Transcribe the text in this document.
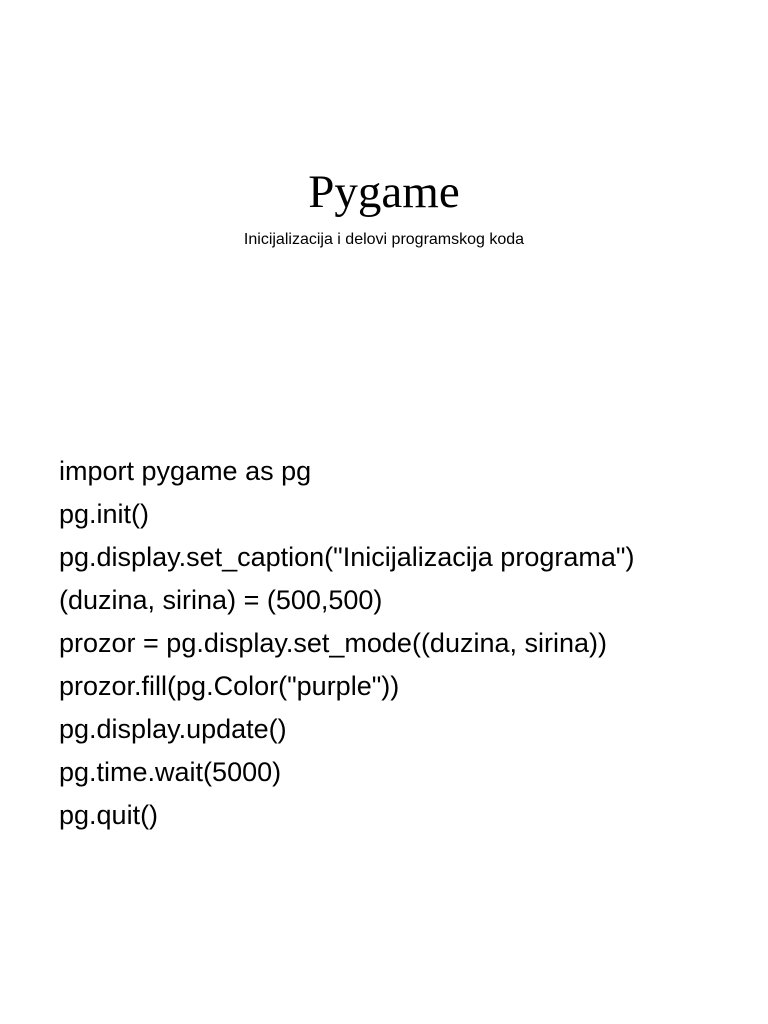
Pygame

Inicijalizacija i delovi programskog koda

import pygame as pg
pg.init()
pg.display.set_caption("Inicijalizacija programa")
(duzina, sirina) = (500,500)
prozor = pg.display.set_mode((duzina, sirina))
prozor.fill(pg.Color("purple"))
pg.display.update()
pg.time.wait(5000)
pg.quit()
